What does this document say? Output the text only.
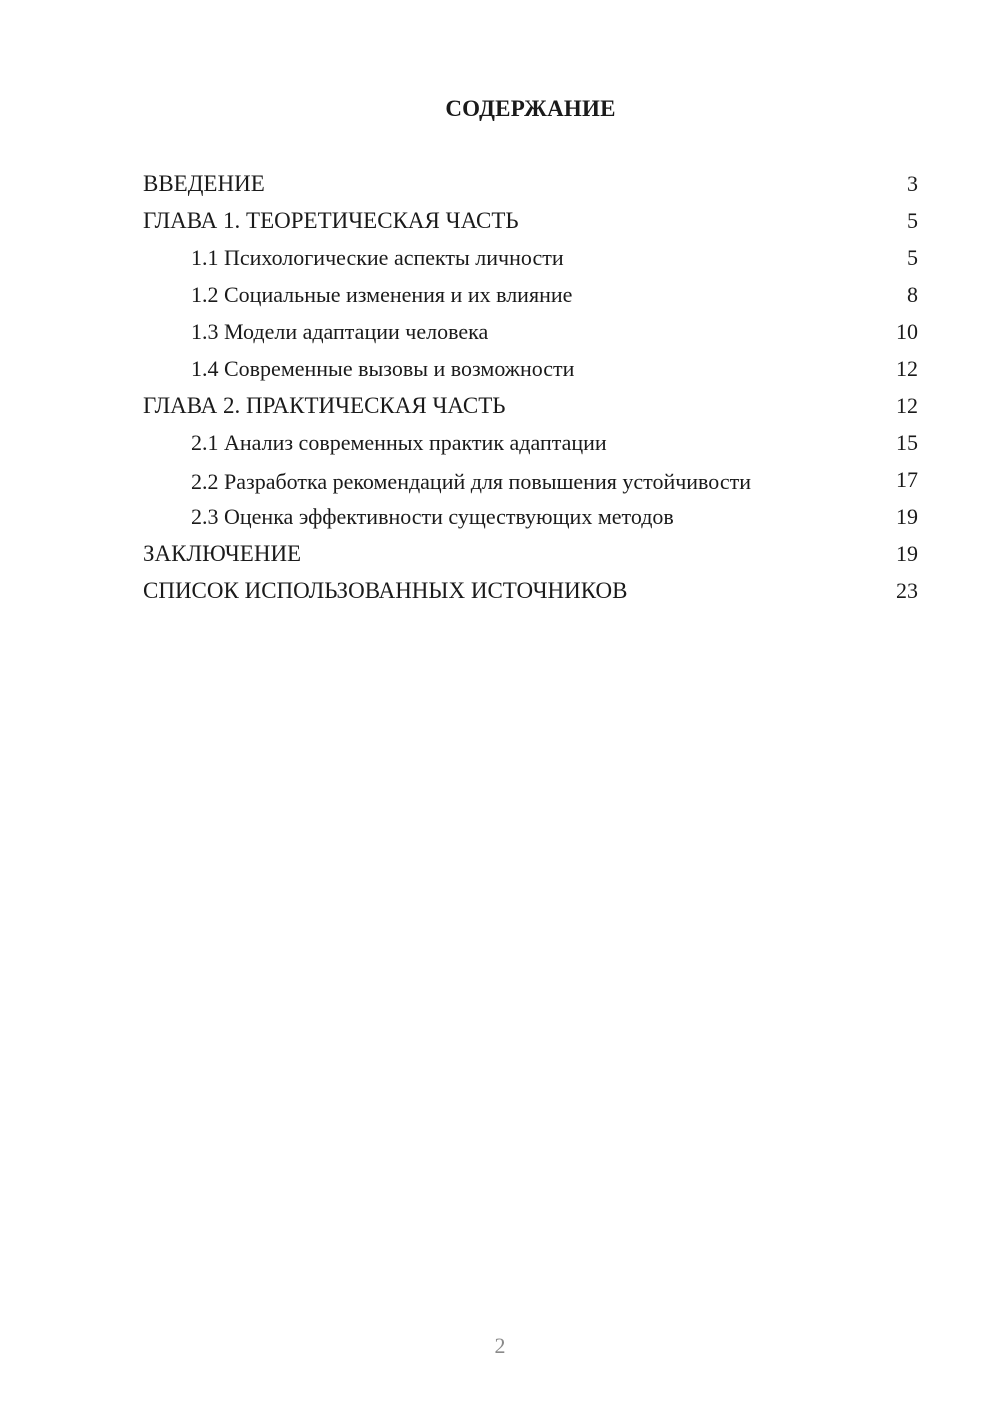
СОДЕРЖАНИЕ
ВВЕДЕНИЕ	3
ГЛАВА 1. ТЕОРЕТИЧЕСКАЯ ЧАСТЬ	5
1.1 Психологические аспекты личности	5
1.2 Социальные изменения и их влияние	8
1.3 Модели адаптации человека	10
1.4 Современные вызовы и возможности	12
ГЛАВА 2. ПРАКТИЧЕСКАЯ ЧАСТЬ	12
2.1 Анализ современных практик адаптации	15
2.2 Разработка рекомендаций для повышения устойчивости	17
2.3 Оценка эффективности существующих методов	19
ЗАКЛЮЧЕНИЕ	19
СПИСОК ИСПОЛЬЗОВАННЫХ ИСТОЧНИКОВ	23
2
